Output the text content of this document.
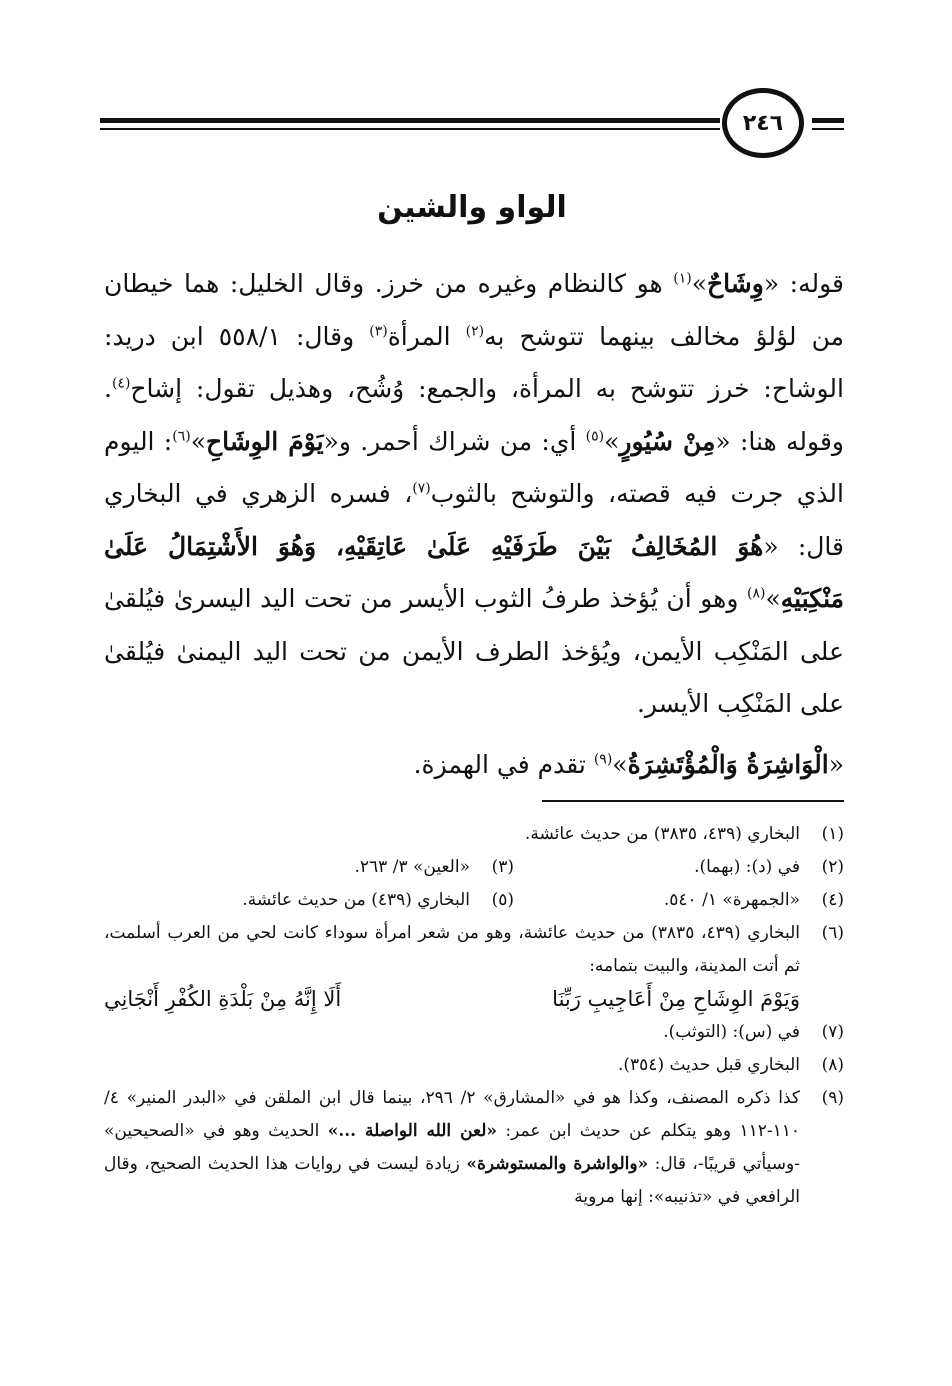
٢٤٦
الواو والشين

قوله: «وِشَاحٌ»$^{(١)}$ هو كالنظام وغيره من خرز. وقال الخليل: هما خيطان من لؤلؤ مخالف بينهما تتوشح به$^{(٢)}$ المرأة$^{(٣)}$ وقال: ٥٥٨/١ ابن دريد: الوشاح: خرز تتوشح به المرأة، والجمع: وُشُح، وهذيل تقول: إشاح$^{(٤)}$. وقوله هنا: «مِنْ سُيُورٍ»$^{(٥)}$ أي: من شراك أحمر. و«يَوْمَ الوِشَاحِ»$^{(٦)}$: اليوم الذي جرت فيه قصته، والتوشح بالثوب$^{(٧)}$، فسره الزهري في البخاري قال: «هُوَ المُخَالِفُ بَيْنَ طَرَفَيْهِ عَلَىٰ عَاتِقَيْهِ، وَهُوَ الأَشْتِمَالُ عَلَىٰ مَنْكِبَيْهِ»$^{(٨)}$ وهو أن يُؤخذ طرفُ الثوب الأيسر من تحت اليد اليسرىٰ فيُلقىٰ على المَنْكِب الأيمن، ويُؤخذ الطرف الأيمن من تحت اليد اليمنىٰ فيُلقىٰ على المَنْكِب الأيسر.

«الْوَاشِرَةُ وَالْمُؤْتَشِرَةُ»$^{(٩)}$ تقدم في الهمزة.

(١)
البخاري (٤٣٩، ٣٨٣٥) من حديث عائشة.
(٢)
في (د): (بهما).
(٣)
«العين» ٣/ ٢٦٣.
(٤)
«الجمهرة» ١/ ٥٤٠.
(٥)
البخاري (٤٣٩) من حديث عائشة.
(٦)
البخاري (٤٣٩، ٣٨٣٥) من حديث عائشة، وهو من شعر امرأة سوداء كانت لحي من العرب أسلمت، ثم أتت المدينة، والبيت بتمامه:
وَيَوْمَ الوِشَاحِ مِنْ أَعَاجِيبِ رَبِّنَا
أَلَا إِنَّهُ مِنْ بَلْدَةِ الكُفْرِ أَنْجَانِي
(٧)
في (س): (التوثب).
(٨)
البخاري قبل حديث (٣٥٤).
(٩)
كذا ذكره المصنف، وكذا هو في «المشارق» ٢/ ٢٩٦، بينما قال ابن الملقن في «البدر المنير» ٤/ ١١٠-١١٢ وهو يتكلم عن حديث ابن عمر: «لعن الله الواصلة ...» الحديث وهو في «الصحيحين» -وسيأتي قريبًا-، قال: «والواشرة والمستوشرة» زيادة ليست في روايات هذا الحديث الصحيح، وقال الرافعي في «تذنيبه»: إنها مروية
